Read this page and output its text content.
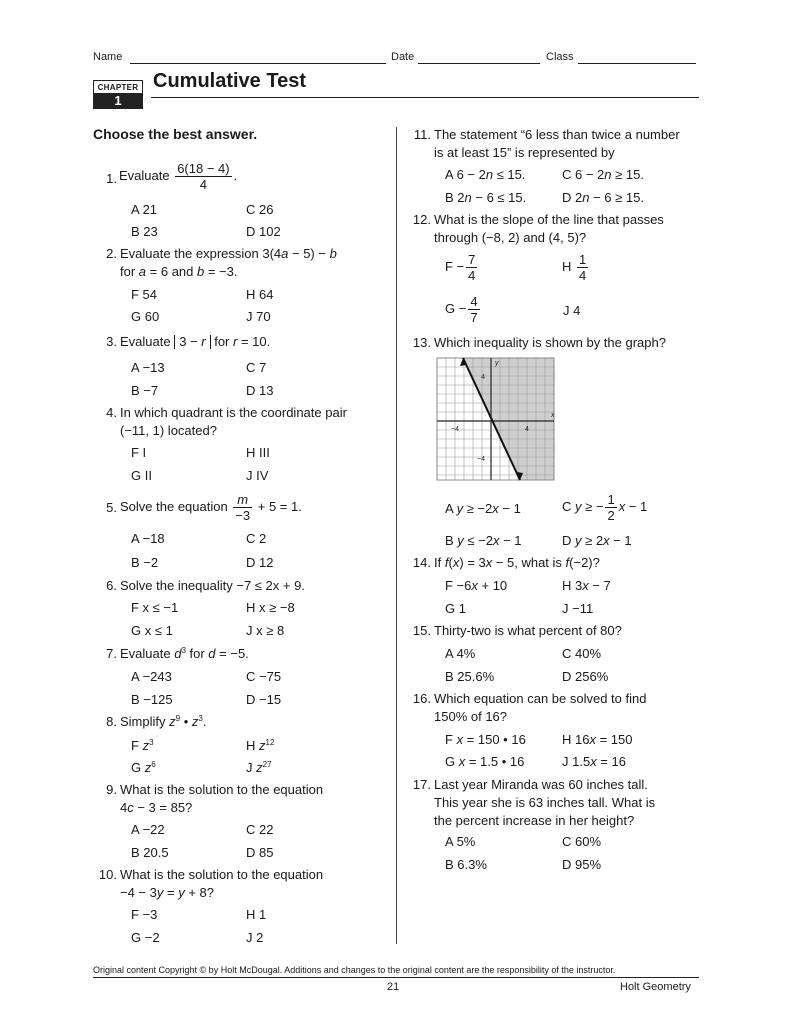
Name	Date	Class
CHAPTER
1
Cumulative Test
Choose the best answer.
1. Evaluate $\frac{6(18 - 4)}{4}$ .
A 21	C 26
B 23	D 102
2. Evaluate the expression 3(4a − 5) − b
for a = 6 and b = −3.
F 54	H 64
G 60	J 70
3. Evaluate 3 − r for r = 10.
A −13	C 7
B −7	D 13
4. In which quadrant is the coordinate pair
(−11, 1) located?
F I	H III
G II	J IV
5. Solve the equation $\frac{m}{-3} + 5 = 1$.
A −18	C 2
B −2	D 12
6. Solve the inequality −7 ≤ 2x + 9.
F x ≤ −1	H x ≥ −8
G x ≤ 1	J x ≥ 8
7. Evaluate $d^3$ for d = −5.
A −243	C −75
B −125	D −15
8. Simplify $z^9$ • $z^3$.
F $z^3$	H $z^{12}$
G $z^6$	J $z^{27}$
9. What is the solution to the equation
4c − 3 = 85?
A −22	C 22
B 20.5	D 85
10. What is the solution to the equation
−4 − 3y = y + 8?
F −3	H 1
G −2	J 2
11. The statement “6 less than twice a number
is at least 15” is represented by
A 6 − 2n ≤ 15.	C 6 − 2n ≥ 15.
B 2n − 6 ≤ 15.	D 2n − 6 ≥ 15.
12. What is the slope of the line that passes
through (−8, 2) and (4, 5)?
$F - \frac{7}{4}$	H $\frac{1}{4}$
$G - \frac{4}{7}$	J 4
13. Which inequality is shown by the graph?
x
y
4
−4
−4	4
A y ≥ −2x − 1	C y ≥ − $\frac{1}{2}$ x − 1
B y ≤ −2x − 1	D y ≥ 2x − 1
14. If f(x) = 3x − 5, what is f(−2)?
F −6x + 10	H 3x − 7
G 1	J −11
15. Thirty-two is what percent of 80?
A 4%	C 40%
B 25.6%	D 256%
16. Which equation can be solved to find
150% of 16?
F x = 150 • 16	H 16x = 150
G x = 1.5 • 16	J 1.5x = 16
17. Last year Miranda was 60 inches tall.
This year she is 63 inches tall. What is
the percent increase in her height?
A 5%	C 60%
B 6.3%	D 95%
Original content Copyright © by Holt McDougal. Additions and changes to the original content are the responsibility of the instructor.
21	Holt Geometry
